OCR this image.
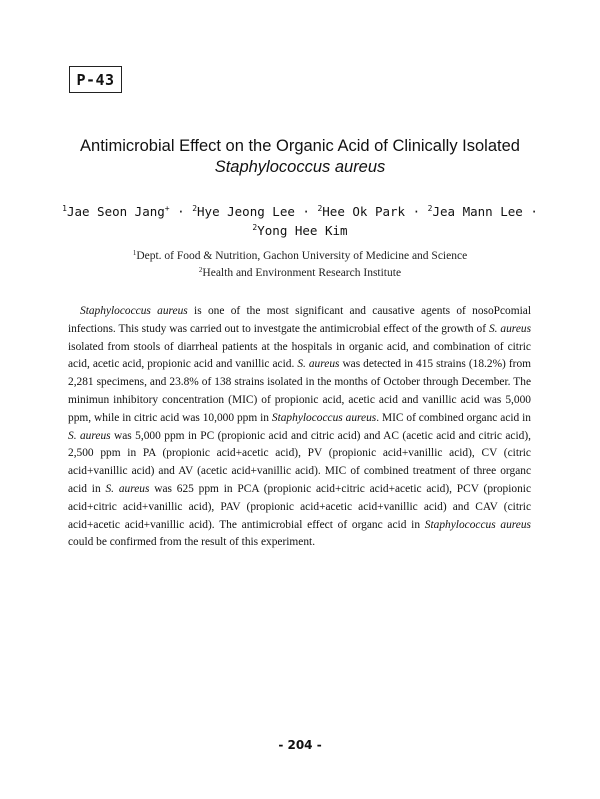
P-43
Antimicrobial Effect on the Organic Acid of Clinically Isolated
Staphylococcus aureus
$^1$Jae Seon Jang+ · $^2$Hye Jeong Lee · $^2$Hee Ok Park · $^2$Jea Mann Lee ·
$^2$Yong Hee Kim
$^1$Dept. of Food & Nutrition, Gachon University of Medicine and Science
$^2$Health and Environment Research Institute
Staphylococcus aureus is one of the most significant and causative agents of nosoPcomial infections. This study was carried out to investgate the antimicrobial effect of the growth of S. aureus isolated from stools of diarrheal patients at the hospitals in organic acid, and combination of citric acid, acetic acid, propionic acid and vanillic acid. S. aureus was detected in 415 strains (18.2%) from 2,281 specimens, and 23.8% of 138 strains isolated in the months of October through December. The minimun inhibitory concentration (MIC) of propionic acid, acetic acid and vanillic acid was 5,000 ppm, while in citric acid was 10,000 ppm in Staphylococcus aureus. MIC of combined organc acid in S. aureus was 5,000 ppm in PC (propionic acid and citric acid) and AC (acetic acid and citric acid), 2,500 ppm in PA (propionic acid+acetic acid), PV (propionic acid+vanillic acid), CV (citric acid+vanillic acid) and AV (acetic acid+vanillic acid). MIC of combined treatment of three organc acid in S. aureus was 625 ppm in PCA (propionic acid+citric acid+acetic acid), PCV (propionic acid+citric acid+vanillic acid), PAV (propionic acid+acetic acid+vanillic acid) and CAV (citric acid+acetic acid+vanillic acid). The antimicrobial effect of organc acid in Staphylococcus aureus could be confirmed from the result of this experiment.
- 204 -
